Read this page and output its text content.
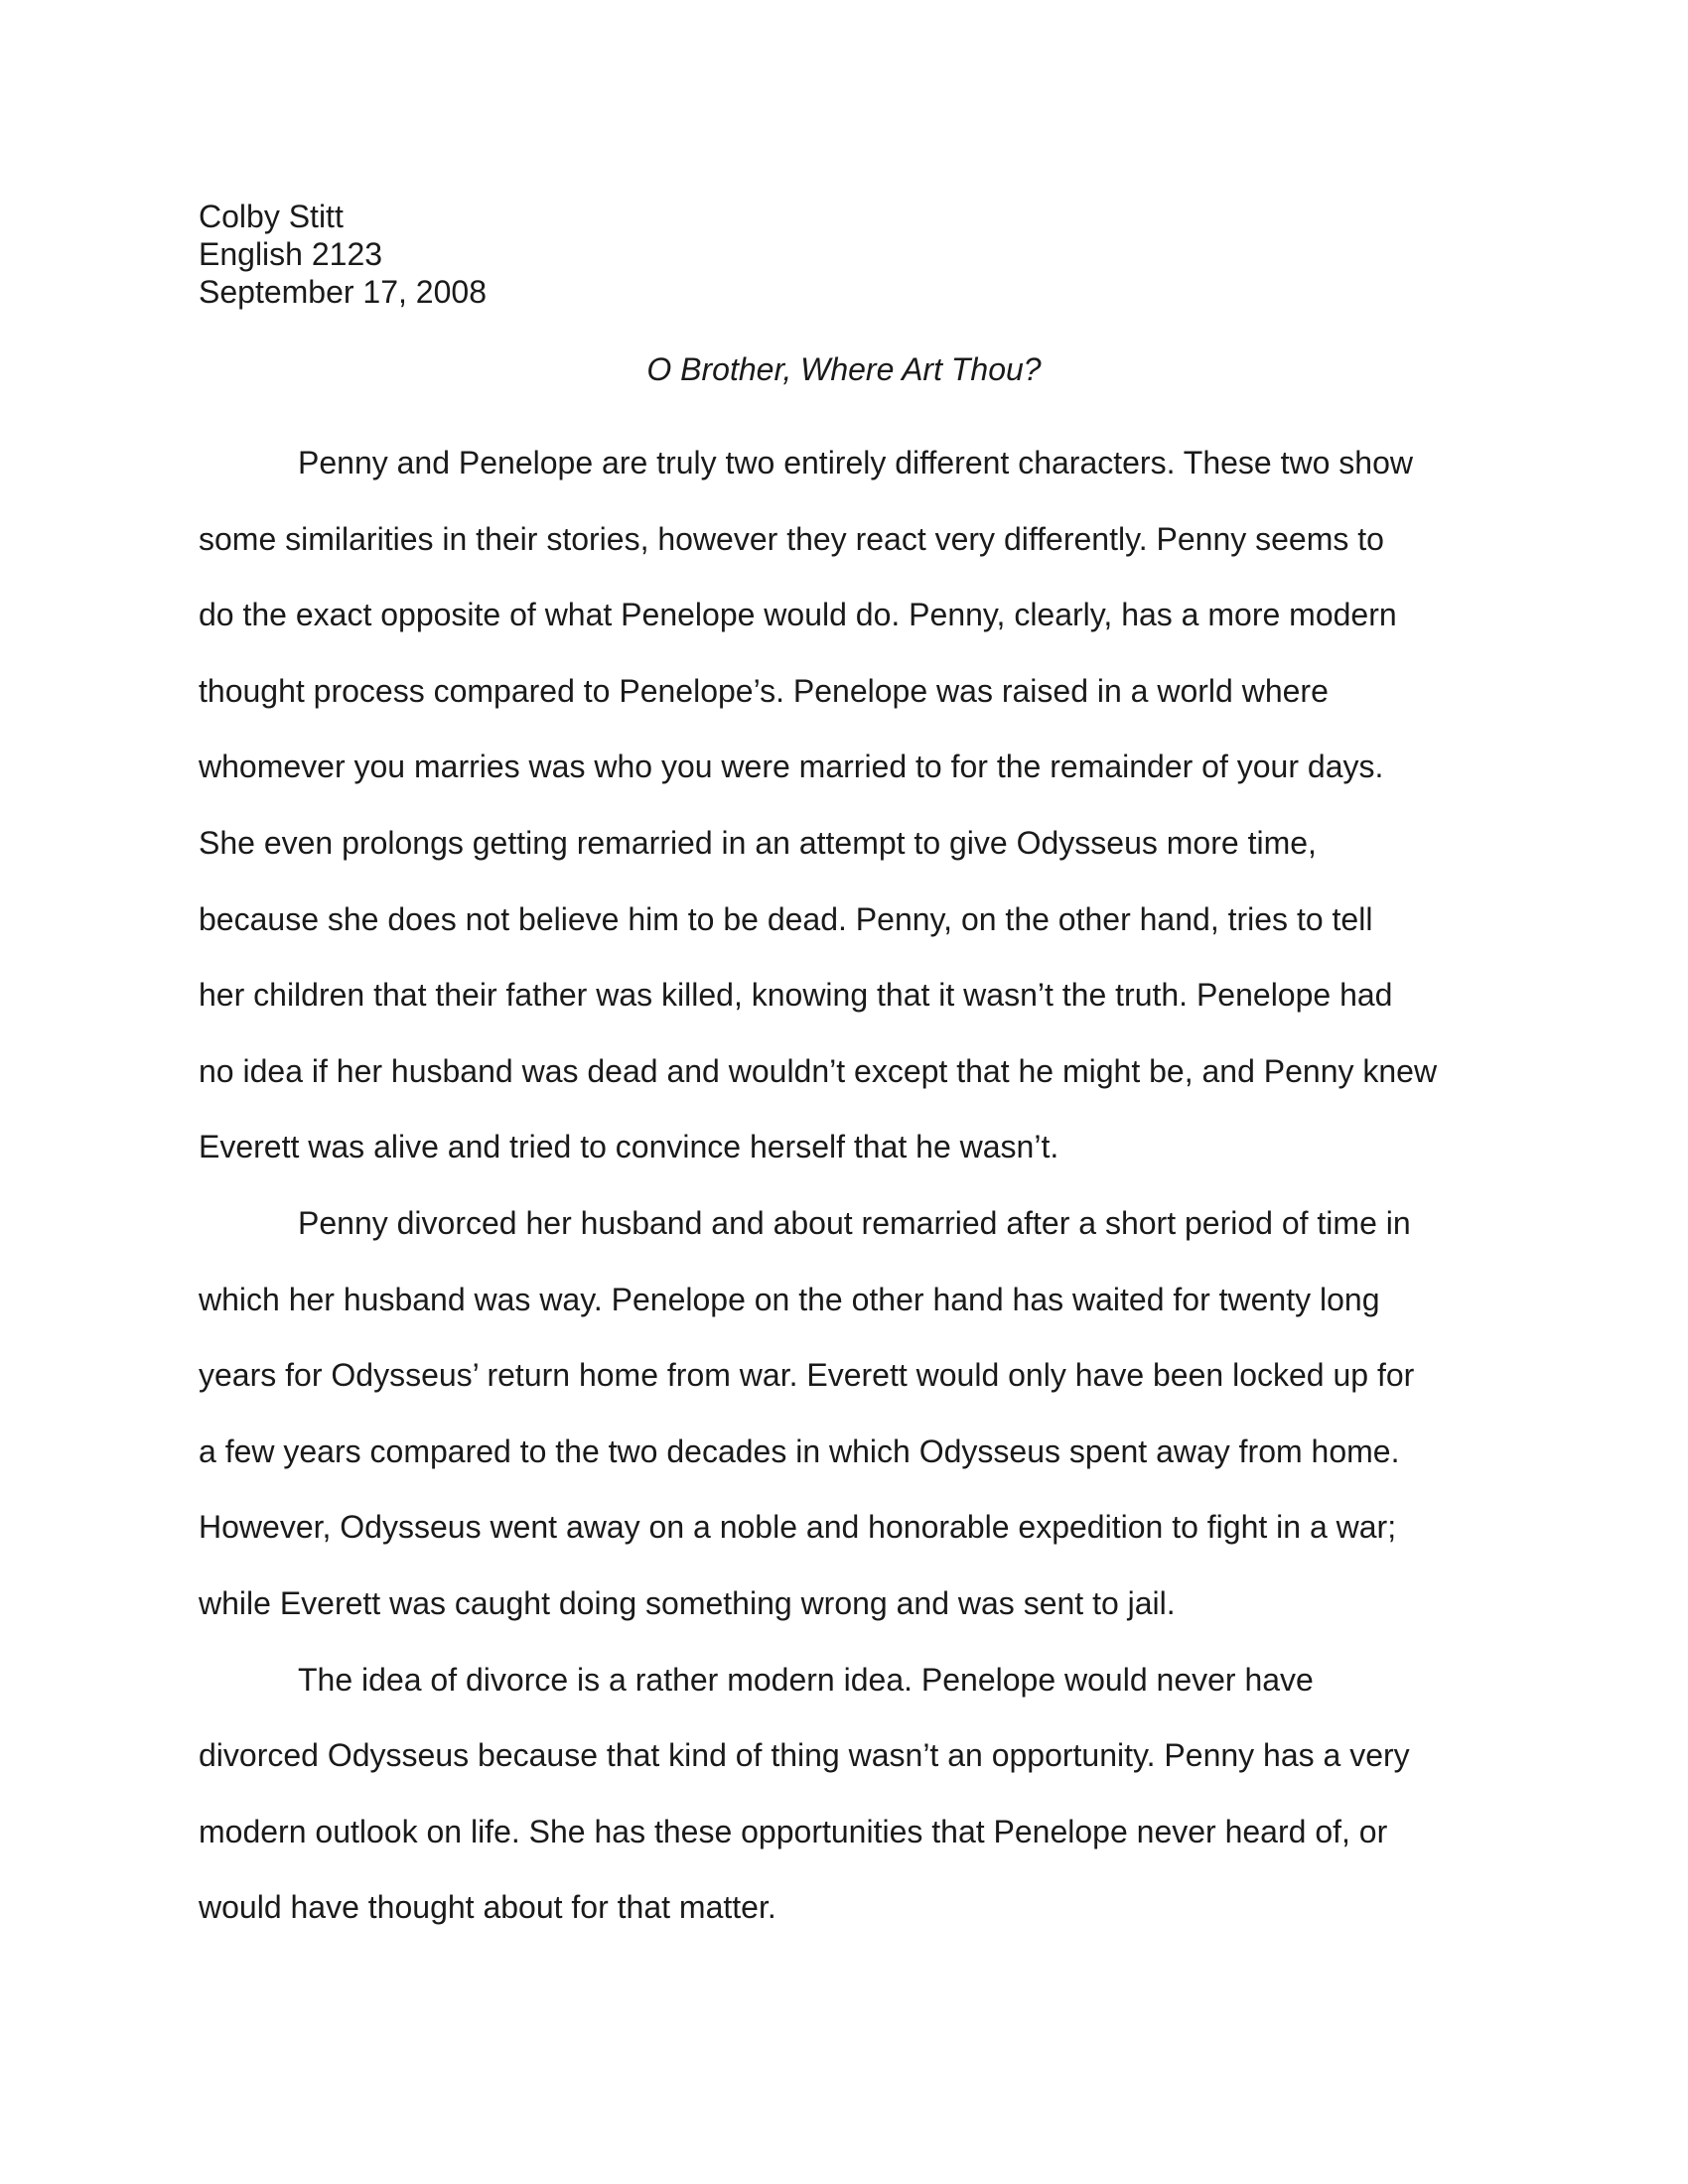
Colby Stitt
English 2123
September 17, 2008
O Brother, Where Art Thou?
Penny and Penelope are truly two entirely different characters. These two show
some similarities in their stories, however they react very differently. Penny seems to
do the exact opposite of what Penelope would do. Penny, clearly, has a more modern
thought process compared to Penelope’s. Penelope was raised in a world where
whomever you marries was who you were married to for the remainder of your days.
She even prolongs getting remarried in an attempt to give Odysseus more time,
because she does not believe him to be dead. Penny, on the other hand, tries to tell
her children that their father was killed, knowing that it wasn’t the truth. Penelope had
no idea if her husband was dead and wouldn’t except that he might be, and Penny knew
Everett was alive and tried to convince herself that he wasn’t.
Penny divorced her husband and about remarried after a short period of time in
which her husband was way. Penelope on the other hand has waited for twenty long
years for Odysseus’ return home from war. Everett would only have been locked up for
a few years compared to the two decades in which Odysseus spent away from home.
However, Odysseus went away on a noble and honorable expedition to fight in a war;
while Everett was caught doing something wrong and was sent to jail.
The idea of divorce is a rather modern idea. Penelope would never have
divorced Odysseus because that kind of thing wasn’t an opportunity. Penny has a very
modern outlook on life. She has these opportunities that Penelope never heard of, or
would have thought about for that matter.
